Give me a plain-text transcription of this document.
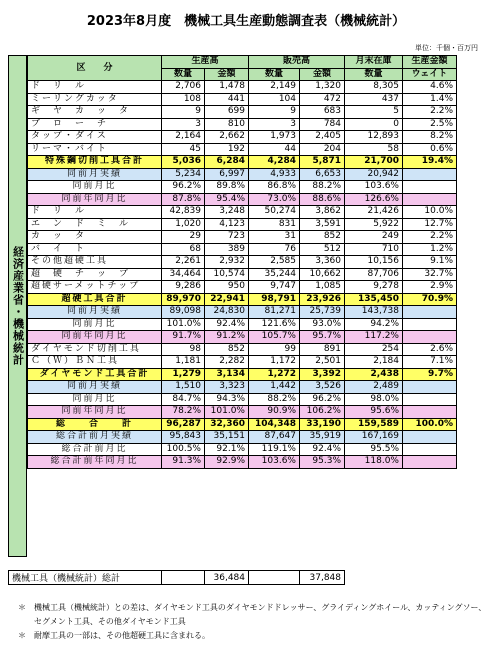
2023年8月度　機械工具生産動態調査表（機械統計）
単位：千個・百万円
区　　分	生産高		販売高		月末在庫	生産金額
	数量	金額	数量	金額	数量	ウェイト
ド　リ　ル	2,706	1,478	2,149	1,320	8,305	4.6%
ミーリングカッタ	108	441	104	472	437	1.4%
ギ　ヤ　カ　ッ　タ	9	699	9	683	5	2.2%
ブ　ロ　ー　チ	3	810	3	784	0	2.5%
タップ・ダイス	2,164	2,662	1,973	2,405	12,893	8.2%
リーマ・バイト	45	192	44	204	58	0.6%
特殊鋼切削工具合計	5,036	6,284	4,284	5,871	21,700	19.4%
同前月実績	5,234	6,997	4,933	6,653	20,942	
同前月比	96.2%	89.8%	86.8%	88.2%	103.6%	
同前年同月比	87.8%	95.4%	73.0%	88.6%	126.6%	
ド　リ　ル	42,839	3,248	50,274	3,862	21,426	10.0%
エ　ン　ド　ミ　ル	1,020	4,123	831	3,591	5,922	12.7%
カ　ッ　タ	29	723	31	852	249	2.2%
バ　イ　ト	68	389	76	512	710	1.2%
その他超硬工具	2,261	2,932	2,585	3,360	10,156	9.1%
超　硬　チ　ッ　プ	34,464	10,574	35,244	10,662	87,706	32.7%
超硬サーメットチップ	9,286	950	9,747	1,085	9,278	2.9%
超硬工具合計	89,970	22,941	98,791	23,926	135,450	70.9%
同前月実績	89,098	24,830	81,271	25,739	143,738	
同前月比	101.0%	92.4%	121.6%	93.0%	94.2%	
同前年同月比	91.7%	91.2%	105.7%	95.7%	117.2%	
ダイヤモンド切削工具	98	852	99	891	254	2.6%
Ｃ（Ｗ）ＢＮ工具	1,181	2,282	1,172	2,501	2,184	7.1%
ダイヤモンド工具合計	1,279	3,134	1,272	3,392	2,438	9.7%
同前月実績	1,510	3,323	1,442	3,526	2,489	
同前月比	84.7%	94.3%	88.2%	96.2%	98.0%	
同前年同月比	78.2%	101.0%	90.9%	106.2%	95.6%	
総　　合　　計	96,287	32,360	104,348	33,190	159,589	100.0%
総合計前月実績	95,843	35,151	87,647	35,919	167,169	
総合計前月比	100.5%	92.1%	119.1%	92.4%	95.5%	
総合計前年同月比	91.3%	92.9%	103.6%	95.3%	118.0%	
経済産業省・機械統計
機械工具（機械統計）総計		36,484		37,848
＊　機械工具（機械統計）との差は、ダイヤモンド工具のダイヤモンドドレッサー、グライディングホイール、カッティングソー、
　　セグメント工具、その他ダイヤモンド工具
＊　耐摩工具の一部は、その他超硬工具に含まれる。
